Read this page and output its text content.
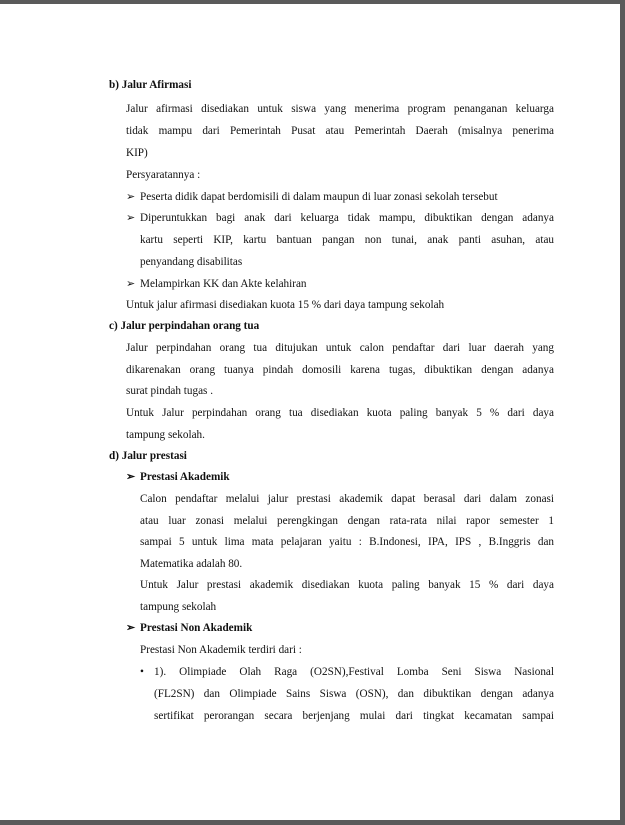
b) Jalur Afirmasi
Jalur afirmasi disediakan untuk siswa yang menerima program penanganan keluarga
tidak mampu dari Pemerintah Pusat atau Pemerintah Daerah (misalnya penerima
KIP)
Persyaratannya :
➢ Peserta didik dapat berdomisili di dalam maupun di luar zonasi sekolah tersebut
➢ Diperuntukkan bagi anak dari keluarga tidak mampu, dibuktikan dengan adanya
kartu seperti KIP, kartu bantuan pangan non tunai, anak panti asuhan, atau
penyandang disabilitas
➢ Melampirkan KK dan Akte kelahiran
Untuk jalur afirmasi disediakan kuota 15 % dari daya tampung sekolah
c) Jalur perpindahan orang tua
Jalur perpindahan orang tua ditujukan untuk calon pendaftar dari luar daerah yang
dikarenakan orang tuanya pindah domosili karena tugas, dibuktikan dengan adanya
surat pindah tugas .
Untuk Jalur perpindahan orang tua disediakan kuota paling banyak 5 % dari daya
tampung sekolah.
d) Jalur prestasi
➢ Prestasi Akademik
Calon pendaftar melalui jalur prestasi akademik dapat berasal dari dalam zonasi
atau luar zonasi melalui perengkingan dengan rata-rata nilai rapor semester 1
sampai 5 untuk lima mata pelajaran yaitu : B.Indonesi, IPA, IPS , B.Inggris dan
Matematika adalah 80.
Untuk Jalur prestasi akademik disediakan kuota paling banyak 15 % dari daya
tampung sekolah
➢ Prestasi Non Akademik
Prestasi Non Akademik terdiri dari :
• 1). Olimpiade Olah Raga (O2SN),Festival Lomba Seni Siswa Nasional
(FL2SN) dan Olimpiade Sains Siswa (OSN), dan dibuktikan dengan adanya
sertifikat perorangan secara berjenjang mulai dari tingkat kecamatan sampai
